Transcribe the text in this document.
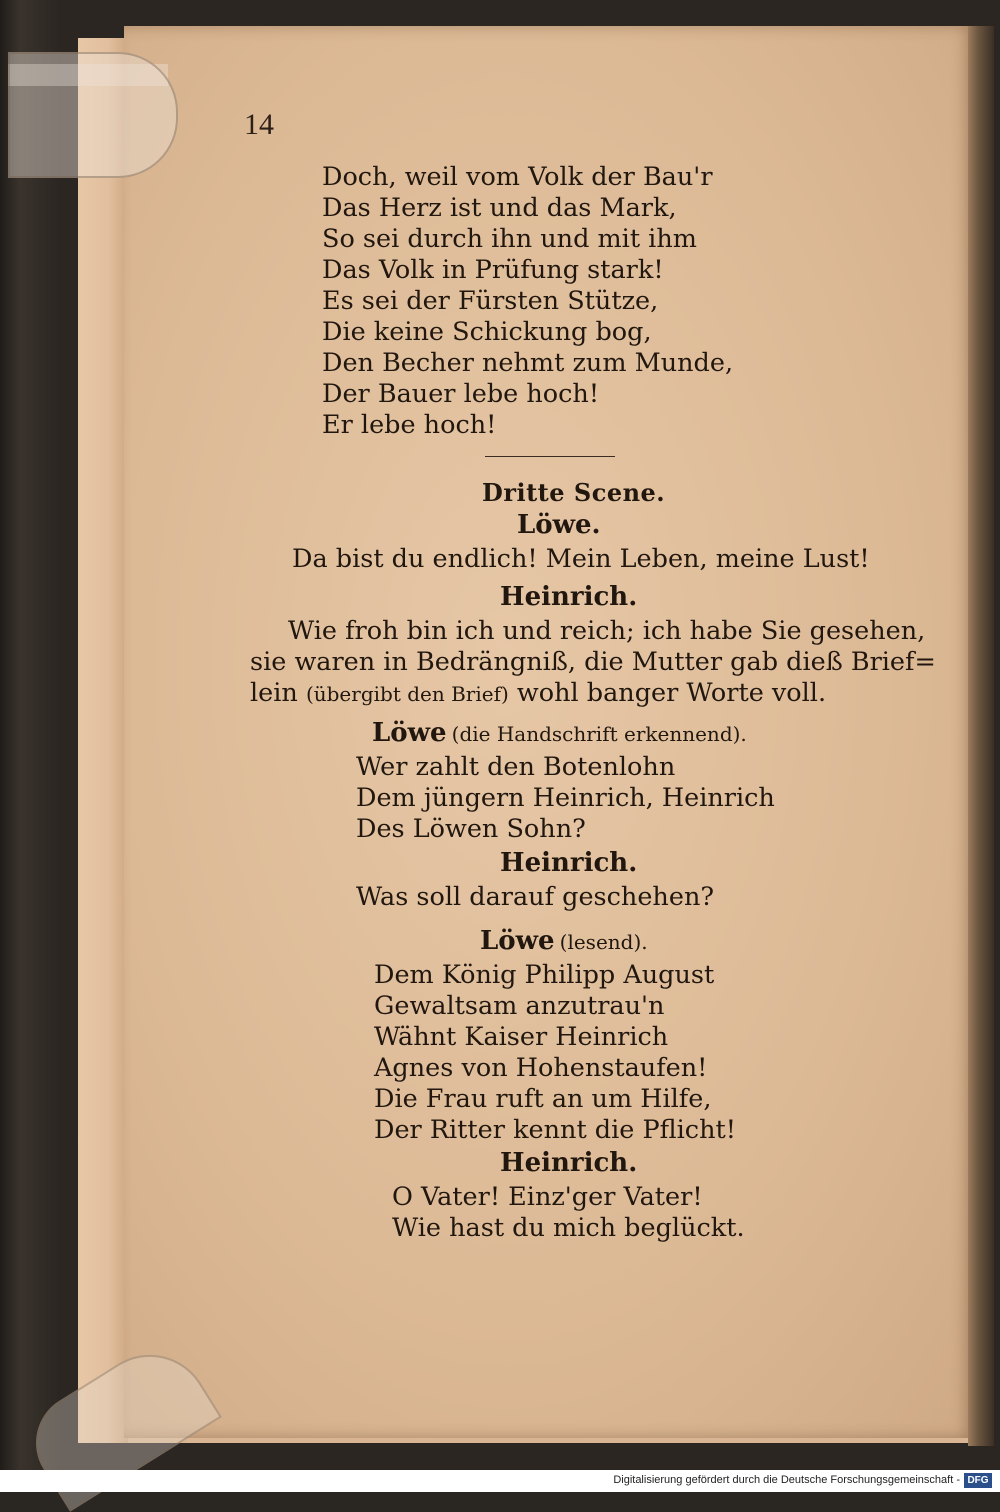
14
Doch, weil vom Volk der Bau'r
Das Herz ist und das Mark,
So sei durch ihn und mit ihm
Das Volk in Prüfung stark!
Es sei der Fürsten Stütze,
Die keine Schickung bog,
Den Becher nehmt zum Munde,
Der Bauer lebe hoch!
Er lebe hoch!
Dritte Scene.
Löwe.
Da bist du endlich! Mein Leben, meine Lust!
Heinrich.
Wie froh bin ich und reich; ich habe Sie gesehen,
sie waren in Bedrängniß, die Mutter gab dieß Brief=
lein (übergibt den Brief) wohl banger Worte voll.
Löwe (die Handschrift erkennend).
Wer zahlt den Botenlohn
Dem jüngern Heinrich, Heinrich
Des Löwen Sohn?
Heinrich.
Was soll darauf geschehen?
Löwe (lesend).
Dem König Philipp August
Gewaltsam anzutrau'n
Wähnt Kaiser Heinrich
Agnes von Hohenstaufen!
Die Frau ruft an um Hilfe,
Der Ritter kennt die Pflicht!
Heinrich.
O Vater! Einz'ger Vater!
Wie hast du mich beglückt.
Digitalisierung gefördert durch die Deutsche Forschungsgemeinschaft - DFG
